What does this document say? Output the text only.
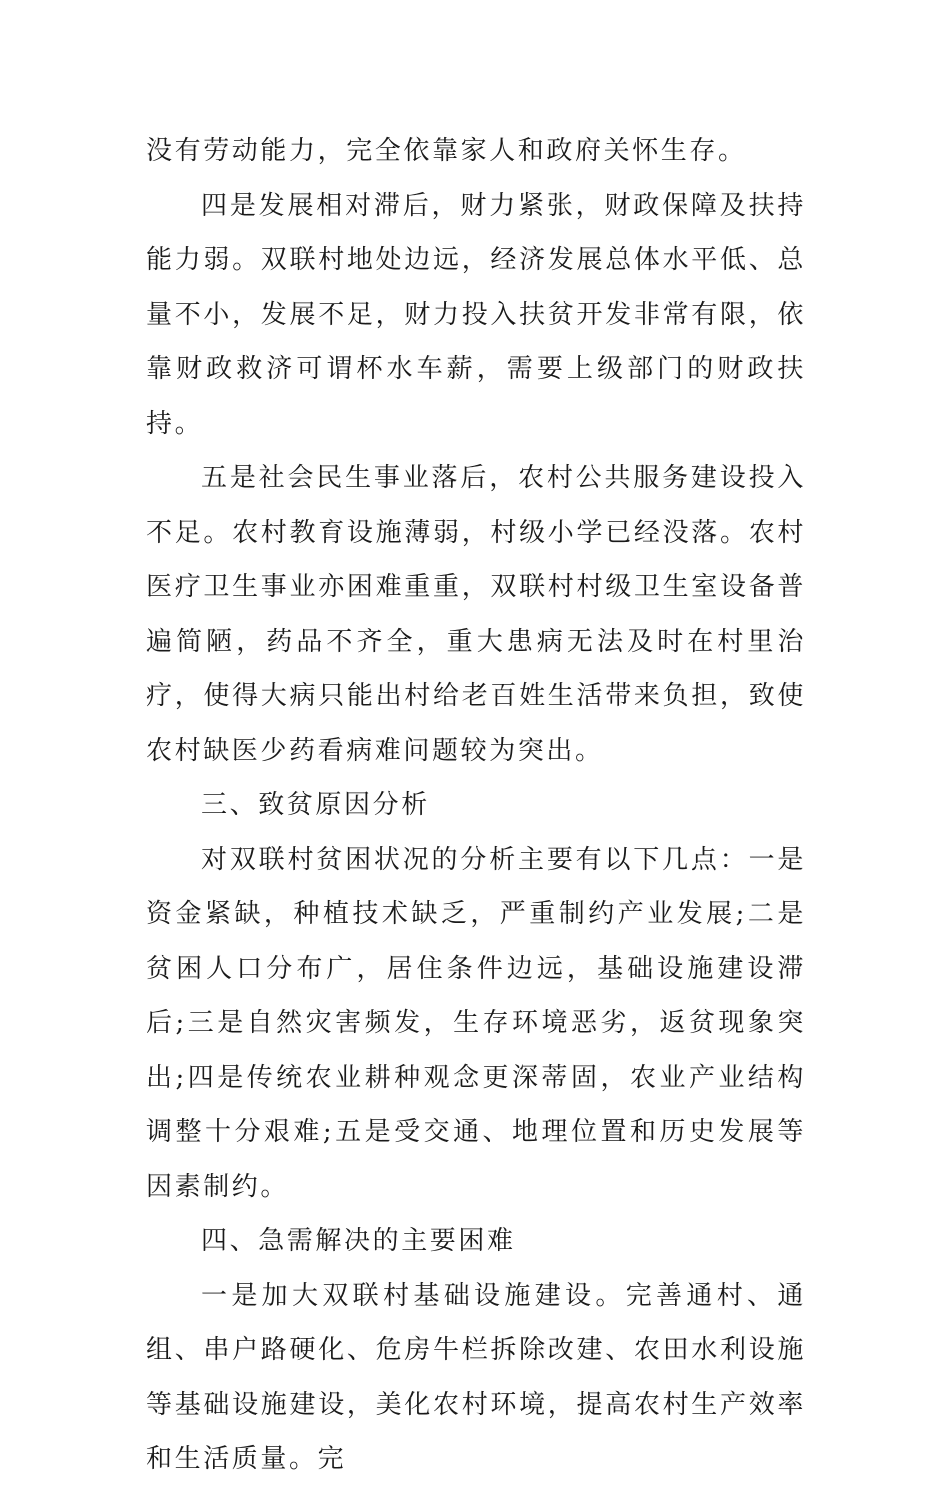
没有劳动能力，完全依靠家人和政府关怀生存。

四是发展相对滞后，财力紧张，财政保障及扶持能力弱。双联村地处边远，经济发展总体水平低、总量不小，发展不足，财力投入扶贫开发非常有限，依靠财政救济可谓杯水车薪，需要上级部门的财政扶持。

五是社会民生事业落后，农村公共服务建设投入不足。农村教育设施薄弱，村级小学已经没落。农村医疗卫生事业亦困难重重，双联村村级卫生室设备普遍简陋，药品不齐全，重大患病无法及时在村里治疗，使得大病只能出村给老百姓生活带来负担，致使农村缺医少药看病难问题较为突出。

三、致贫原因分析

对双联村贫困状况的分析主要有以下几点：一是资金紧缺，种植技术缺乏，严重制约产业发展;二是贫困人口分布广，居住条件边远，基础设施建设滞后;三是自然灾害频发，生存环境恶劣，返贫现象突出;四是传统农业耕种观念更深蒂固，农业产业结构调整十分艰难;五是受交通、地理位置和历史发展等因素制约。

四、急需解决的主要困难

一是加大双联村基础设施建设。完善通村、通组、串户路硬化、危房牛栏拆除改建、农田水利设施等基础设施建设，美化农村环境，提高农村生产效率和生活质量。完
